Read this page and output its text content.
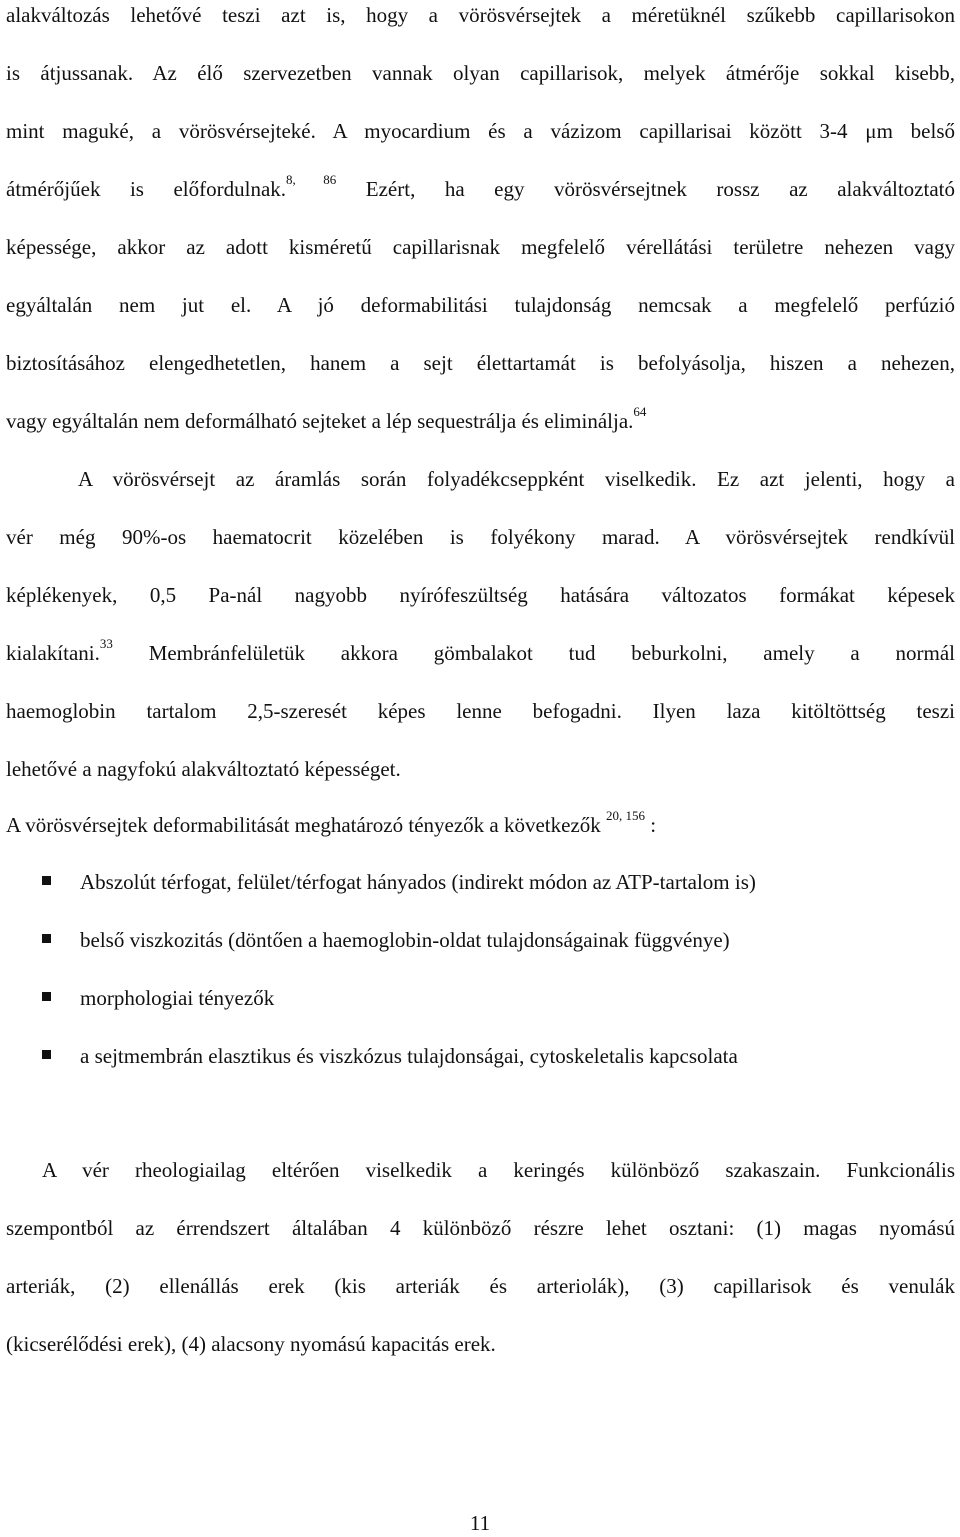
alakváltozás lehetővé teszi azt is, hogy a vörösvérsejtek a méretüknél szűkebb capillarisokon
is átjussanak. Az élő szervezetben vannak olyan capillarisok, melyek átmérője sokkal kisebb,
mint maguké, a vörösvérsejteké. A myocardium és a vázizom capillarisai között 3-4 μm belső
átmérőjűek is előfordulnak.$^{8, 86}$ Ezért, ha egy vörösvérsejtnek rossz az alakváltoztató
képessége, akkor az adott kisméretű capillarisnak megfelelő vérellátási területre nehezen vagy
egyáltalán nem jut el. A jó deformabilitási tulajdonság nemcsak a megfelelő perfúzió
biztosításához elengedhetetlen, hanem a sejt élettartamát is befolyásolja, hiszen a nehezen,
vagy egyáltalán nem deformálható sejteket a lép sequestrálja és eliminálja.$^{64}$
A vörösvérsejt az áramlás során folyadékcseppként viselkedik. Ez azt jelenti, hogy a
vér még 90%-os haematocrit közelében is folyékony marad. A vörösvérsejtek rendkívül
képlékenyek, 0,5 Pa-nál nagyobb nyírófeszültség hatására változatos formákat képesek
kialakítani.$^{33}$ Membránfelületük akkora gömbalakot tud beburkolni, amely a normál
haemoglobin tartalom 2,5-szeresét képes lenne befogadni. Ilyen laza kitöltöttség teszi
lehetővé a nagyfokú alakváltoztató képességet.
A vörösvérsejtek deformabilitását meghatározó tényezők a következők $^{20, 156}$ :
Abszolút térfogat, felület/térfogat hányados (indirekt módon az ATP-tartalom is)
belső viszkozitás (döntően a haemoglobin-oldat tulajdonságainak függvénye)
morphologiai tényezők
a sejtmembrán elasztikus és viszkózus tulajdonságai, cytoskeletalis kapcsolata
A vér rheologiailag eltérően viselkedik a keringés különböző szakaszain. Funkcionális
szempontból az érrendszert általában 4 különböző részre lehet osztani: (1) magas nyomású
arteriák, (2) ellenállás erek (kis arteriák és arteriolák), (3) capillarisok és venulák
(kicserélődési erek), (4) alacsony nyomású kapacitás erek.
11
